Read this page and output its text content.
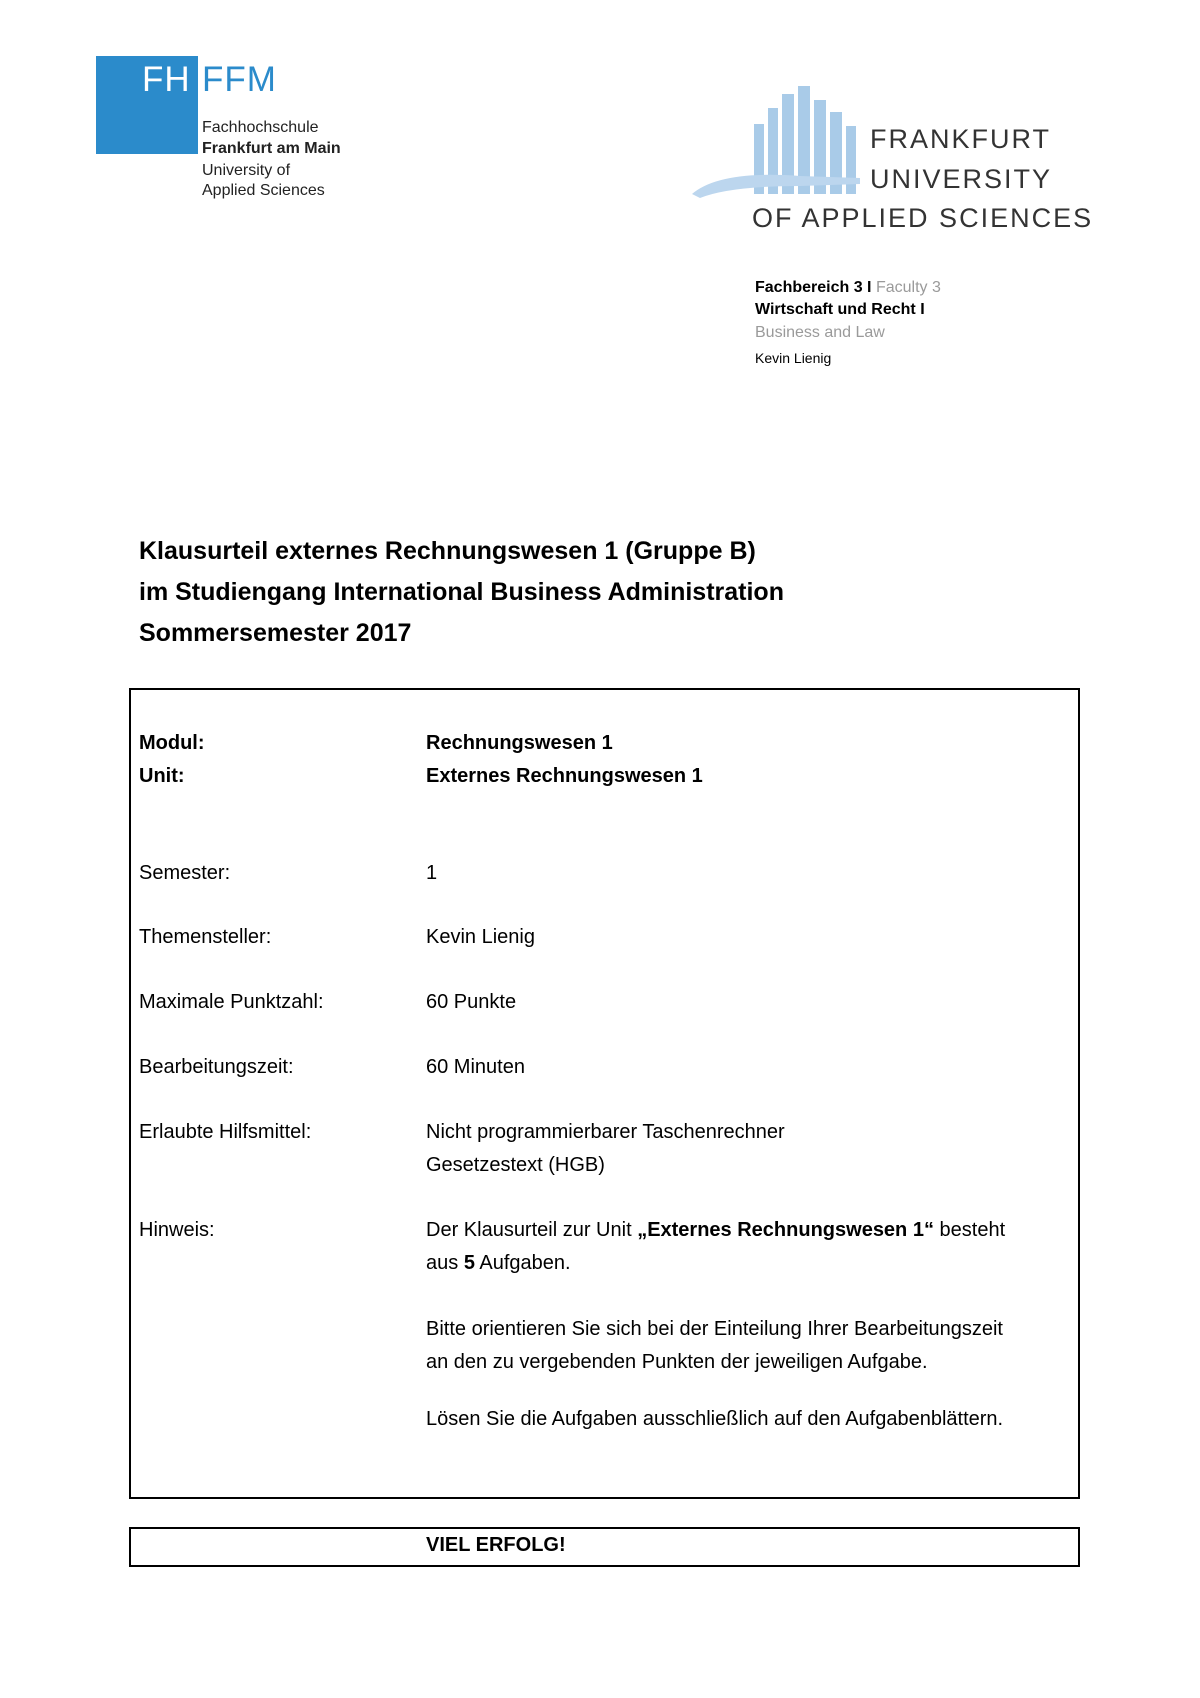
FH FFM
Fachhochschule
Frankfurt am Main
University of
Applied Sciences
FRANKFURT
UNIVERSITY
OF APPLIED SCIENCES
Fachbereich 3 I Faculty 3
Wirtschaft und Recht I
Business and Law
Kevin Lienig
Klausurteil externes Rechnungswesen 1 (Gruppe B)
im Studiengang International Business Administration
Sommersemester 2017
Modul:	Rechnungswesen 1
Unit:	Externes Rechnungswesen 1
Semester:	1
Themensteller:	Kevin Lienig
Maximale Punktzahl:	60 Punkte
Bearbeitungszeit:	60 Minuten
Erlaubte Hilfsmittel:	Nicht programmierbarer Taschenrechner
Gesetzestext (HGB)
Hinweis:	Der Klausurteil zur Unit „Externes Rechnungswesen 1“ besteht
aus 5 Aufgaben.
Bitte orientieren Sie sich bei der Einteilung Ihrer Bearbeitungszeit
an den zu vergebenden Punkten der jeweiligen Aufgabe.
Lösen Sie die Aufgaben ausschließlich auf den Aufgabenblättern.
VIEL ERFOLG!
